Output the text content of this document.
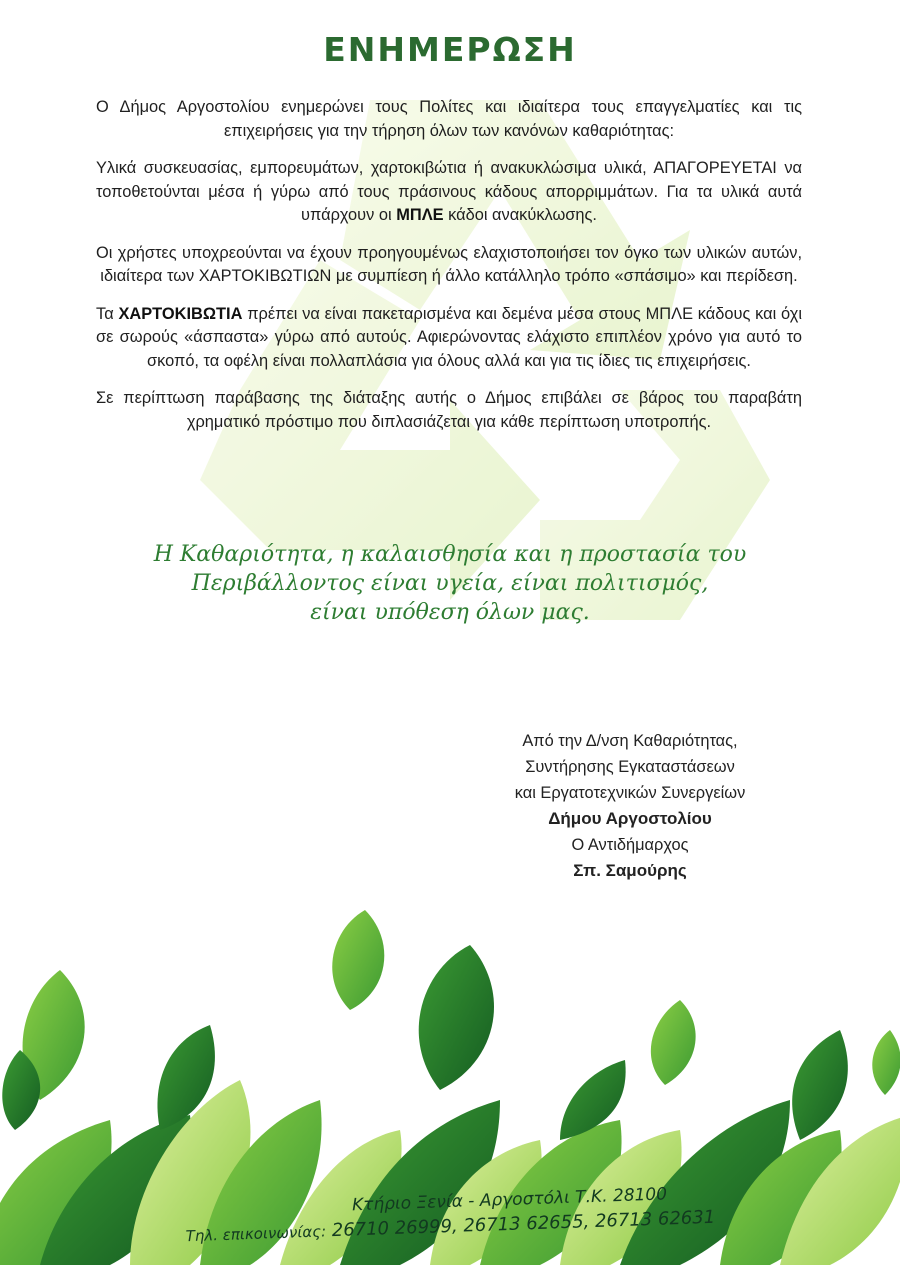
ΕΝΗΜΕΡΩΣΗ

Ο Δήμος Αργοστολίου ενημερώνει τους Πολίτες και ιδιαίτερα τους επαγγελματίες και τις επιχειρήσεις για την τήρηση όλων των κανόνων καθαριότητας:

Υλικά συσκευασίας, εμπορευμάτων, χαρτοκιβώτια ή ανακυκλώσιμα υλικά, ΑΠΑΓΟΡΕΥΕΤΑΙ να τοποθετούνται μέσα ή γύρω από τους πράσινους κάδους απορριμμάτων. Για τα υλικά αυτά υπάρχουν οι ΜΠΛΕ κάδοι ανακύκλωσης.

Οι χρήστες υποχρεούνται να έχουν προηγουμένως ελαχιστοποιήσει τον όγκο των υλικών αυτών, ιδιαίτερα των ΧΑΡΤΟΚΙΒΩΤΙΩΝ με συμπίεση ή άλλο κατάλληλο τρόπο «σπάσιμο» και περίδεση.

Τα ΧΑΡΤΟΚΙΒΩΤΙΑ πρέπει να είναι πακεταρισμένα και δεμένα μέσα στους ΜΠΛΕ κάδους και όχι σε σωρούς «άσπαστα» γύρω από αυτούς. Αφιερώνοντας ελάχιστο επιπλέον χρόνο για αυτό το σκοπό, τα οφέλη είναι πολλαπλάσια για όλους αλλά και για τις ίδιες τις επιχειρήσεις.

Σε περίπτωση παράβασης της διάταξης αυτής ο Δήμος επιβάλει σε βάρος του παραβάτη χρηματικό πρόστιμο που διπλασιάζεται για κάθε περίπτωση υποτροπής.

Η Καθαριότητα, η καλαισθησία και η προστασία του
Περιβάλλοντος είναι υγεία, είναι πολιτισμός,
είναι υπόθεση όλων μας.
Από την Δ/νση Καθαριότητας,
Συντήρησης Εγκαταστάσεων
και Εργατοτεχνικών Συνεργείων
Δήμου Αργοστολίου
Ο Αντιδήμαρχος
Σπ. Σαμούρης
Κτήριο Ξενία - Αργοστόλι Τ.Κ. 28100
Τηλ. επικοινωνίας: 26710 26999, 26713 62655, 26713 62631
